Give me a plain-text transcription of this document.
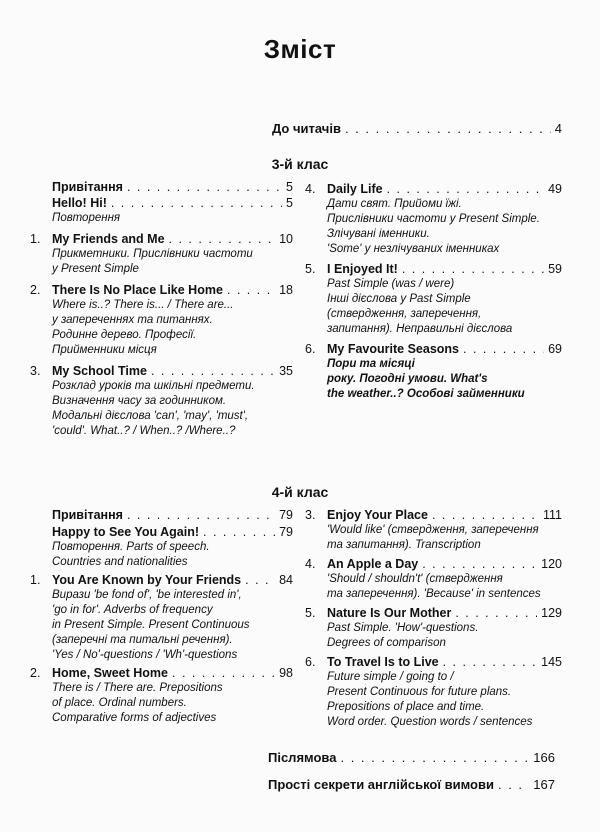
Зміст
До читачів . . .	4
3-й клас
Привітання . . .	5
Hello! Hi! . . .	5
Повторення
1. My Friends and Me . . .	10
Прикметники. Прислівники частоти
у Present Simple
2. There Is No Place Like Home . . .	18
Where is..? There is... / There are...
у запереченнях та питаннях.
Родинне дерево. Професії.
Прийменники місця
3. My School Time . . .	35
Розклад уроків та шкільні предмети.
Визначення часу за годинником.
Модальні дієслова 'can', 'may', 'must',
'could'. What..? / When..? /Where..?
4. Daily Life . . .	49
Дати свят. Прийоми їжі.
Прислівники частоти у Present Simple.
Злічувані іменники.
'Some' у незлічуваних іменниках
5. I Enjoyed It! . . .	59
Past Simple (was / were)
Інші дієслова у Past Simple
(ствердження, заперечення,
запитання). Неправильні дієслова
6. My Favourite Seasons . . .	69
Пори та місяці
року. Погодні умови. What's
the weather..? Особові займенники
4-й клас
Привітання . . .	79
Happy to See You Again! . . .	79
Повторення. Parts of speech.
Countries and nationalities
1. You Are Known by Your Friends . . .	84
Вирази 'be fond of', 'be interested in',
'go in for'. Adverbs of frequency
in Present Simple. Present Continuous
(заперечні та питальні речення).
'Yes / No'-questions / 'Wh'-questions
2. Home, Sweet Home . . .	98
There is / There are. Prepositions
of place. Ordinal numbers.
Comparative forms of adjectives
3. Enjoy Your Place . . .	111
'Would like' (ствердження, заперечення
та запитання). Transcription
4. An Apple a Day . . .	120
'Should / shouldn't' (ствердження
та заперечення). 'Because' in sentences
5. Nature Is Our Mother . . .	129
Past Simple. 'How'-questions.
Degrees of comparison
6. To Travel Is to Live . . .	145
Future simple / going to /
Present Continuous for future plans.
Prepositions of place and time.
Word order. Question words / sentences
Післямова . . .	166
Прості секрети англійської вимови . . .	167
